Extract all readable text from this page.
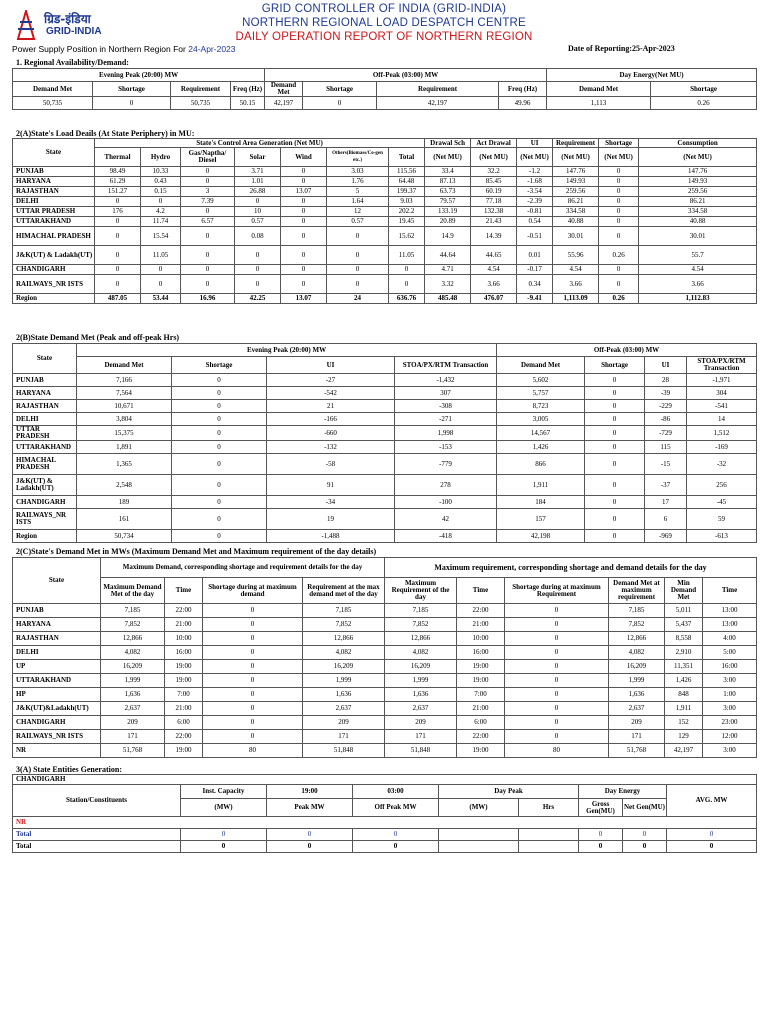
ग्रिड-इंडिया
GRID-INDIA
GRID CONTROLLER OF INDIA (GRID-INDIA)
NORTHERN REGIONAL LOAD DESPATCH CENTRE
DAILY OPERATION REPORT OF NORTHERN REGION
Power Supply Position in Northern Region For 24-Apr-2023	Date of Reporting:25-Apr-2023
1. Regional Availability/Demand:
Evening Peak (20:00) MW				Off-Peak (03:00) MW				Day Energy(Net MU)	
Demand Met	Shortage	Requirement	Freq (Hz)	Demand Met	Shortage	Requirement	Freq (Hz)	Demand Met	Shortage
50,735	0	50,735	50.15	42,197	0	42,197	49.96	1,113	0.26
2(A)State's Load Deails (At State Periphery) in MU:
State	State's Control Area Generation (Net MU)							Drawal Sch	Act Drawal	UI	Requirement	Shortage	Consumption
	Thermal	Hydro	Gas/Naptha/ Diesel	Solar	Wind	Others(Biomass/Co-gen etc.)	Total	(Net MU)	(Net MU)	(Net MU)	(Net MU)	(Net MU)	(Net MU)
PUNJAB	98.49	10.33	0	3.71	0	3.03	115.56	33.4	32.2	-1.2	147.76	0	147.76
HARYANA	61.29	0.43	0	1.01	0	1.76	64.48	87.13	85.45	-1.68	149.93	0	149.93
RAJASTHAN	151.27	0.15	3	26.88	13.07	5	199.37	63.73	60.19	-3.54	259.56	0	259.56
DELHI	0	0	7.39	0	0	1.64	9.03	79.57	77.18	-2.39	86.21	0	86.21
UTTAR PRADESH	176	4.2	0	10	0	12	202.2	133.19	132.38	-0.81	334.58	0	334.58
UTTARAKHAND	0	11.74	6.57	0.57	0	0.57	19.45	20.89	21.43	0.54	40.88	0	40.88
HIMACHAL PRADESH	0	15.54	0	0.08	0	0	15.62	14.9	14.39	-0.51	30.01	0	30.01
J&K(UT) & Ladakh(UT)	0	11.05	0	0	0	0	11.05	44.64	44.65	0.01	55.96	0.26	55.7
CHANDIGARH	0	0	0	0	0	0	0	4.71	4.54	-0.17	4.54	0	4.54
RAILWAYS_NR ISTS	0	0	0	0	0	0	0	3.32	3.66	0.34	3.66	0	3.66
Region	487.05	53.44	16.96	42.25	13.07	24	636.76	485.48	476.07	-9.41	1,113.09	0.26	1,112.83
2(B)State Demand Met (Peak and off-peak Hrs)
State	Evening Peak (20:00) MW				Off-Peak (03:00) MW			
	Demand Met	Shortage	UI	STOA/PX/RTM Transaction	Demand Met	Shortage	UI	STOA/PX/RTM Transaction
PUNJAB	7,166	0	-27	-1,432	5,602	0	28	-1,971
HARYANA	7,564	0	-542	307	5,757	0	-39	304
RAJASTHAN	10,671	0	21	-308	8,723	0	-229	-541
DELHI	3,804	0	-166	-271	3,005	0	-86	14
UTTAR PRADESH	15,375	0	-660	1,998	14,567	0	-729	1,512
UTTARAKHAND	1,891	0	-132	-153	1,426	0	115	-169
HIMACHAL PRADESH	1,365	0	-58	-779	866	0	-15	-32
J&K(UT) & Ladakh(UT)	2,548	0	91	278	1,911	0	-37	256
CHANDIGARH	189	0	-34	-100	184	0	17	-45
RAILWAYS_NR ISTS	161	0	19	42	157	0	6	59
Region	50,734	0	-1,488	-418	42,198	0	-969	-613
2(C)State's Demand Met in MWs (Maximum Demand Met and Maximum requirement of the day details)
State	Maximum Demand, corresponding shortage and requirement details for the day				Maximum requirement, corresponding shortage and demand details for the day					
	Maximum Demand Met of the day	Time	Shortage during at maximum demand	Requirement at the max demand met of the day	Maximum Requirement of the day	Time	Shortage during at maximum Requirement	Demand Met at maximum requirement	Min Demand Met	Time
PUNJAB	7,185	22:00	0	7,185	7,185	22:00	0	7,185	5,011	13:00
HARYANA	7,852	21:00	0	7,852	7,852	21:00	0	7,852	5,437	13:00
RAJASTHAN	12,866	10:00	0	12,866	12,866	10:00	0	12,866	8,558	4:00
DELHI	4,082	16:00	0	4,082	4,082	16:00	0	4,082	2,910	5:00
UP	16,209	19:00	0	16,209	16,209	19:00	0	16,209	11,351	16:00
UTTARAKHAND	1,999	19:00	0	1,999	1,999	19:00	0	1,999	1,426	3:00
HP	1,636	7:00	0	1,636	1,636	7:00	0	1,636	848	1:00
J&K(UT)&Ladakh(UT)	2,637	21:00	0	2,637	2,637	21:00	0	2,637	1,911	3:00
CHANDIGARH	209	6:00	0	209	209	6:00	0	209	152	23:00
RAILWAYS_NR ISTS	171	22:00	0	171	171	22:00	0	171	129	12:00
NR	51,768	19:00	80	51,848	51,848	19:00	80	51,768	42,197	3:00
3(A) State Entities Generation:
CHANDIGARH								
Station/Constituents	Inst. Capacity	19:00	03:00	Day Peak		Day Energy		AVG. MW
	(MW)	Peak MW	Off Peak MW	(MW)	Hrs	Gross Gen(MU)	Net Gen(MU)	
NR								
Total	0	0	0			0	0	0
Total	0	0	0			0	0	0
